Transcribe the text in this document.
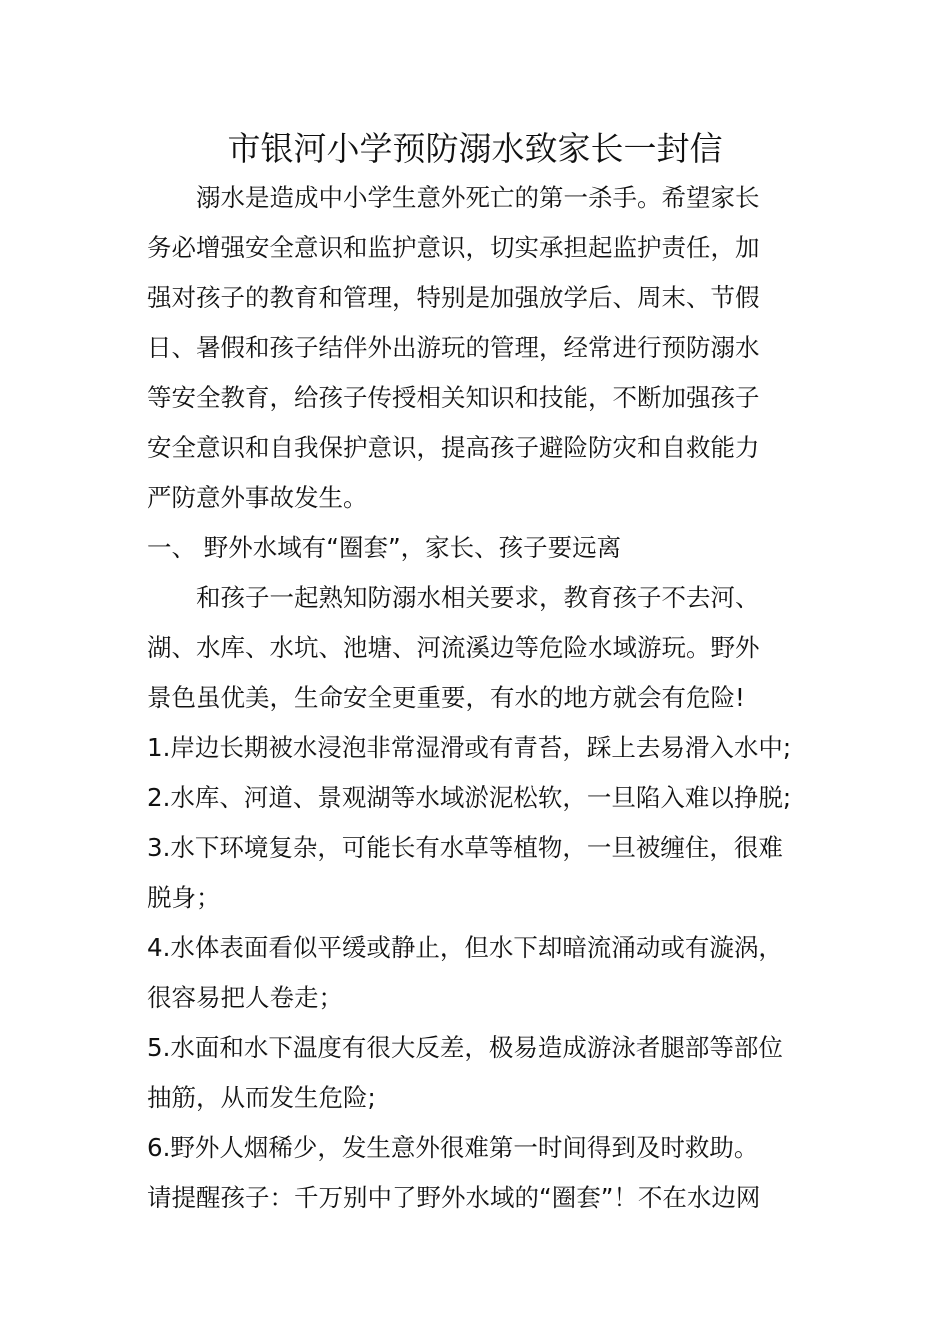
市银河小学预防溺水致家长一封信

溺水是造成中小学生意外死亡的第一杀手。希望家长

务必增强安全意识和监护意识，切实承担起监护责任，加

强对孩子的教育和管理，特别是加强放学后、周末、节假

日、暑假和孩子结伴外出游玩的管理，经常进行预防溺水

等安全教育，给孩子传授相关知识和技能，不断加强孩子

安全意识和自我保护意识，提高孩子避险防灾和自救能力

严防意外事故发生。

一、 野外水域有“圈套”，家长、孩子要远离

和孩子一起熟知防溺水相关要求，教育孩子不去河、

湖、水库、水坑、池塘、河流溪边等危险水域游玩。野外

景色虽优美，生命安全更重要，有水的地方就会有危险!

1.岸边长期被水浸泡非常湿滑或有青苔，踩上去易滑入水中;

2.水库、河道、景观湖等水域淤泥松软，一旦陷入难以挣脱;

3.水下环境复杂，可能长有水草等植物，一旦被缠住，很难

脱身；

4.水体表面看似平缓或静止，但水下却暗流涌动或有漩涡，

很容易把人卷走；

5.水面和水下温度有很大反差，极易造成游泳者腿部等部位

抽筋，从而发生危险;

6.野外人烟稀少，发生意外很难第一时间得到及时救助。

请提醒孩子：千万别中了野外水域的“圈套”！不在水边网
